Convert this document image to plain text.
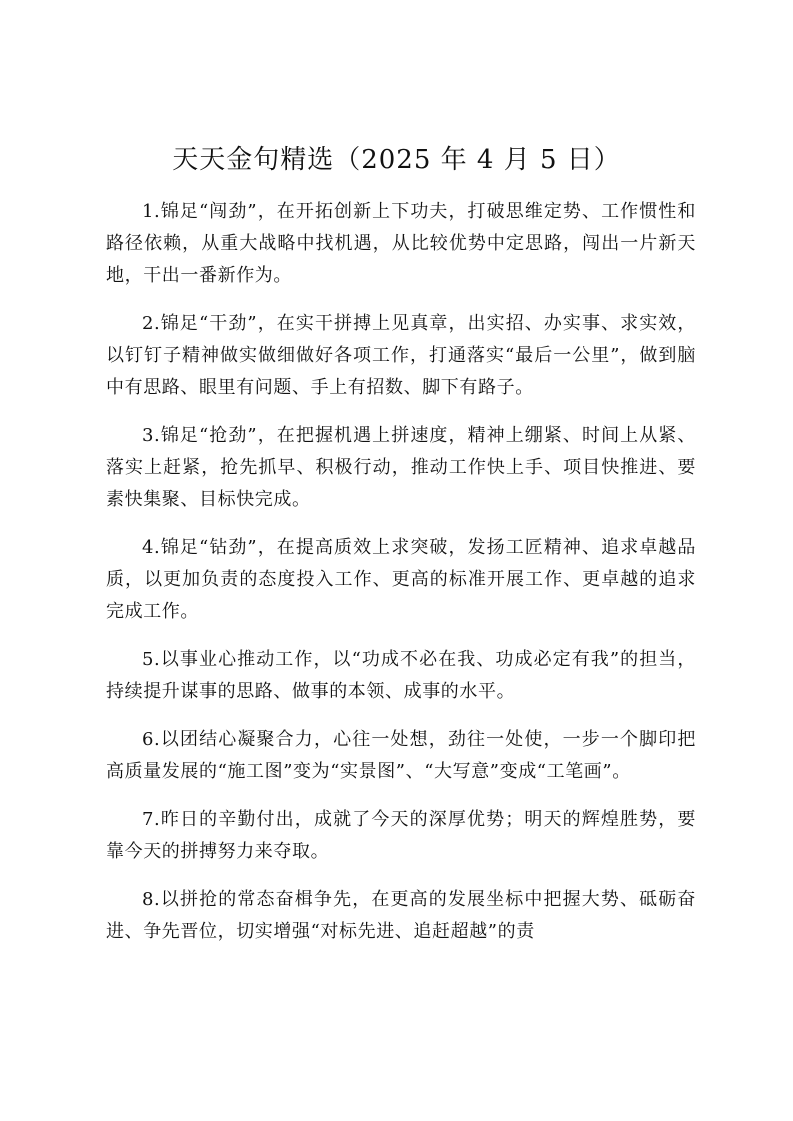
天天金句精选（2025 年 4 月 5 日）

1.锦足“闯劲”，在开拓创新上下功夫，打破思维定势、工作惯性和路径依赖，从重大战略中找机遇，从比较优势中定思路，闯出一片新天地，干出一番新作为。

2.锦足“干劲”，在实干拼搏上见真章，出实招、办实事、求实效，以钉钉子精神做实做细做好各项工作，打通落实“最后一公里”，做到脑中有思路、眼里有问题、手上有招数、脚下有路子。

3.锦足“抢劲”，在把握机遇上拼速度，精神上绷紧、时间上从紧、落实上赶紧，抢先抓早、积极行动，推动工作快上手、项目快推进、要素快集聚、目标快完成。

4.锦足“钻劲”，在提高质效上求突破，发扬工匠精神、追求卓越品质，以更加负责的态度投入工作、更高的标准开展工作、更卓越的追求完成工作。

5.以事业心推动工作，以“功成不必在我、功成必定有我”的担当，持续提升谋事的思路、做事的本领、成事的水平。

6.以团结心凝聚合力，心往一处想，劲往一处使，一步一个脚印把高质量发展的“施工图”变为“实景图”、“大写意”变成“工笔画”。

7.昨日的辛勤付出，成就了今天的深厚优势；明天的辉煌胜势，要靠今天的拼搏努力来夺取。

8.以拼抢的常态奋楫争先，在更高的发展坐标中把握大势、砥砺奋进、争先晋位，切实增强“对标先进、追赶超越”的责
